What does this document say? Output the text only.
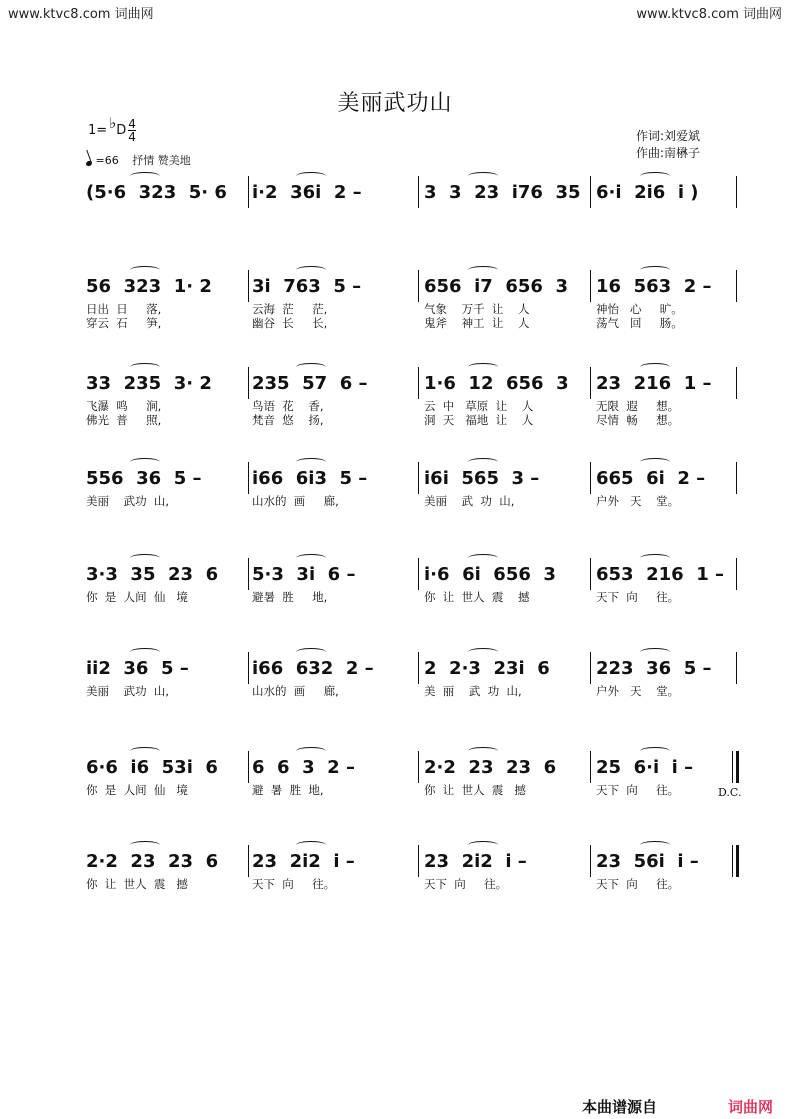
www.ktvc8.com 词曲网	www.ktvc8.com 词曲网
美丽武功山
1= ♭D $\frac{4}{4}$
=66 抒情 赞美地
作词:刘爱斌
作曲:南楙子
(5·6  323  5· 6 i·2  36i  2 –	3  3  23  i76  35 6·i  2i6  i )
56  323  1· 2
日出  日     落,
穿云  石     笋,
3i  763  5 –
云海  茫     茫,
幽谷  长     长,
656  i7  656  3
气象    万千  让    人
鬼斧    神工  让    人
16  563  2 –
神怡   心     旷。
荡气   回     肠。
33  235  3· 2
飞瀑  鸣     涧,
佛光  普     照,
235  57  6 –
鸟语  花    香,
梵音  悠    扬,
1·6  12  656  3
云  中   草原  让    人
洞  天   福地  让    人
23  216  1 –
无限  遐     想。
尽情  畅     想。
556  36  5 –
美丽    武功  山,
i66  6i3  5 –
山水的  画     廊,
i6i  565  3 –
美丽    武  功  山,
665  6i  2 –
户外   天    堂。
3·3  35  23  6
你  是  人间  仙   境
5·3  3i  6 –
避暑  胜     地,
i·6  6i  656  3
你  让  世人  震    撼
653  216  1 –
天下  向     往。
ii2  36  5 –
美丽    武功  山,
i66  632  2 –
山水的  画     廊,
2  2·3  23i  6
美  丽    武  功  山,
223  36  5 –
户外   天    堂。
6·6  i6  53i  6
你  是  人间  仙   境
6  6  3  2 –
避  暑  胜  地,
2·2  23  23  6
你  让  世人  震   撼
25  6·i  i –
天下  向     往。
2·2  23  23  6
你  让  世人  震   撼
23  2i2  i –
天下  向     往。
23  2i2  i –
天下  向     往。
23  56i  i –
天下  向     往。
D.C.
本曲谱源自	词曲网
